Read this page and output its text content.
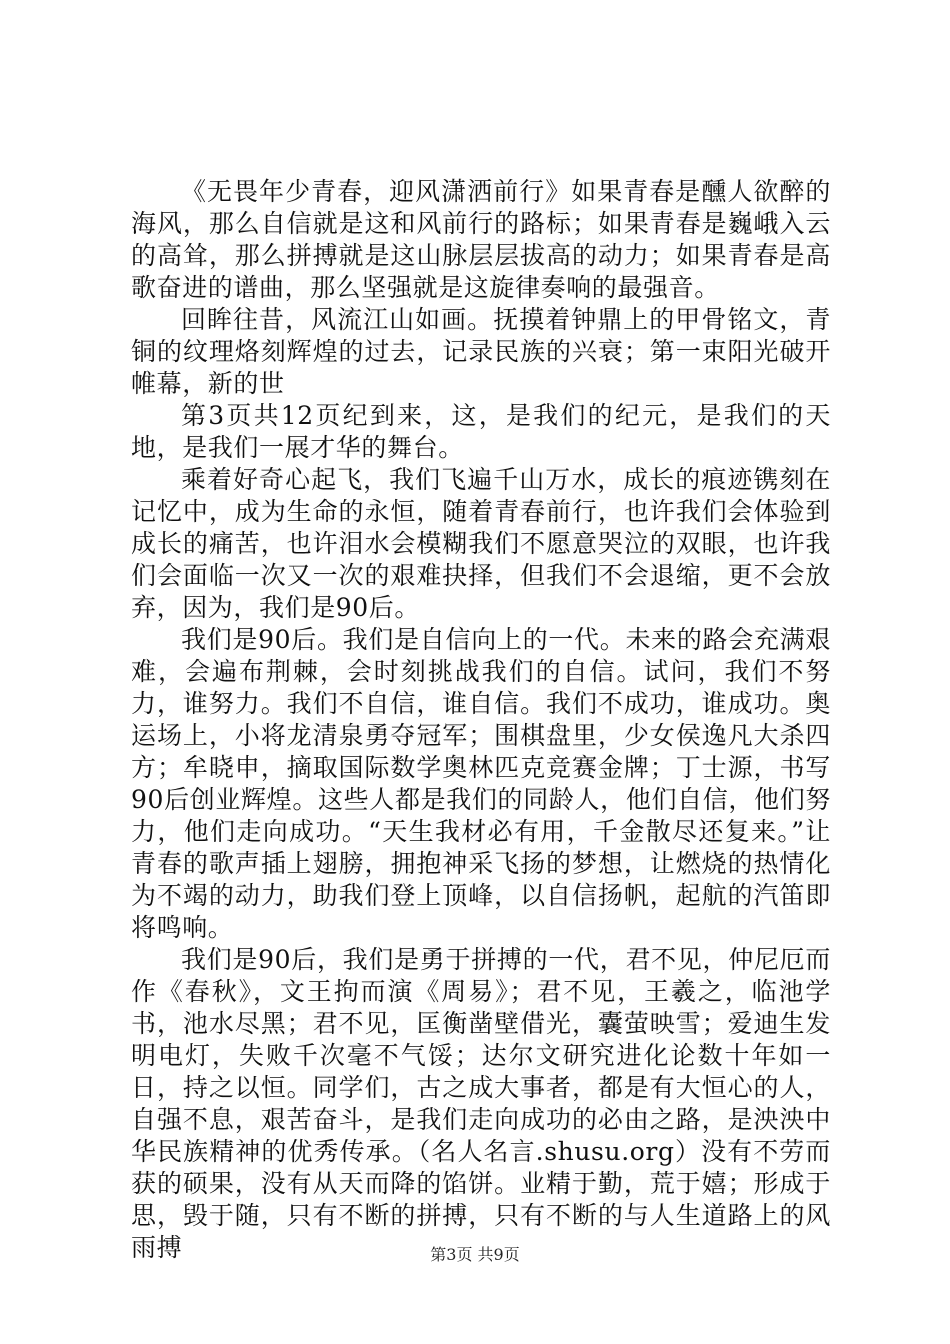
《无畏年少青春，迎风潇洒前行》如果青春是醺人欲醉的海风，那么自信就是这和风前行的路标；如果青春是巍峨入云的高耸，那么拼搏就是这山脉层层拔高的动力；如果青春是高歌奋进的谱曲，那么坚强就是这旋律奏响的最强音。

回眸往昔，风流江山如画。抚摸着钟鼎上的甲骨铭文，青铜的纹理烙刻辉煌的过去，记录民族的兴衰；第一束阳光破开帷幕，新的世

第3页共12页纪到来，这，是我们的纪元，是我们的天地，是我们一展才华的舞台。

乘着好奇心起飞，我们飞遍千山万水，成长的痕迹镌刻在记忆中，成为生命的永恒，随着青春前行，也许我们会体验到成长的痛苦，也许泪水会模糊我们不愿意哭泣的双眼，也许我们会面临一次又一次的艰难抉择，但我们不会退缩，更不会放弃，因为，我们是90后。

我们是90后。我们是自信向上的一代。未来的路会充满艰难，会遍布荆棘，会时刻挑战我们的自信。试问，我们不努力，谁努力。我们不自信，谁自信。我们不成功，谁成功。奥运场上，小将龙清泉勇夺冠军；围棋盘里，少女侯逸凡大杀四方；牟晓申，摘取国际数学奥林匹克竞赛金牌；丁士源，书写90后创业辉煌。这些人都是我们的同龄人，他们自信，他们努力，他们走向成功。“天生我材必有用，千金散尽还复来。”让青春的歌声插上翅膀，拥抱神采飞扬的梦想，让燃烧的热情化为不竭的动力，助我们登上顶峰，以自信扬帆，起航的汽笛即将鸣响。

我们是90后，我们是勇于拼搏的一代，君不见，仲尼厄而作《春秋》，文王拘而演《周易》；君不见，王羲之，临池学书，池水尽黑；君不见，匡衡凿壁借光，囊萤映雪；爱迪生发明电灯，失败千次毫不气馁；达尔文研究进化论数十年如一日，持之以恒。同学们，古之成大事者，都是有大恒心的人，自强不息，艰苦奋斗，是我们走向成功的必由之路，是泱泱中华民族精神的优秀传承。（名人名言.shusu.org）没有不劳而获的硕果，没有从天而降的馅饼。业精于勤，荒于嬉；形成于思，毁于随，只有不断的拼搏，只有不断的与人生道路上的风雨搏	第3页 共9页
